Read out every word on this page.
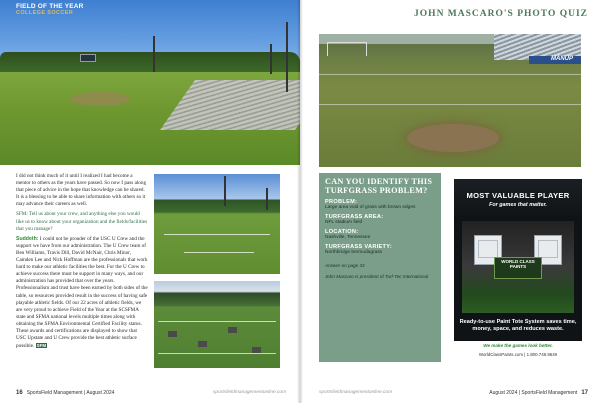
FIELD OF THE YEAR
COLLEGE SOCCER

I did not think much of it until I realized I had become a mentor to others as the years have passed. So now I pass along that piece of advice in the hope that knowledge can be shared. It is a blessing to be able to share information with others so it may advance their careers as well.

SFM: Tell us about your crew, and anything else you would like us to know about your organization and the fields/facilities that you manage?

Suddeth: I could not be prouder of the USC U Crew and the support we have from our administration. The U Crew team of Ben Williams, Travis Dill, David McNair, Chris Minor, Camden Lee and Nick Hoffman are the professionals that work hard to make our athletic facilities the best. For the U Crew to achieve success there must be support in many ways, and our administration has provided that over the years. Professionalism and trust have been earned by both sides of the table, so resources provided result in the success of having safe playable athletic fields. Of our 22 acres of athletic fields, we are very proud to achieve Field of the Year at the SCSFMA state and SFMA national levels multiple times along with obtaining the SFMA Environmental Certified Facility status. These awards and certifications are displayed to show that USC Upstate and U Crew provide the best athletic surface possible. SFM

16 SportsField Management | August 2024	sportsfieldmanagementonline.com
JOHN MASCARO'S PHOTO QUIZ
MANUP
CAN YOU IDENTIFY THIS TURFGRASS PROBLEM?
PROBLEM:
Large area void of grass with brown edges
TURFGRASS AREA:
NFL stadium field
LOCATION:
Nashville, Tennessee
TURFGRASS VARIETY:
Northbridge bermudagrass
Answer on page 33
John Mascaro is president of Turf-Tec International
MOST VALUABLE PLAYER
For games that matter.
WORLD CLASS PAINTS
Ready-to-use Paint Tote System saves time, money, space, and reduces waste.
We make the games look better.
WorldClassPaints.com | 1.800.748.9649
sportsfieldmanagementonline.com	August 2024 | SportsField Management 17
